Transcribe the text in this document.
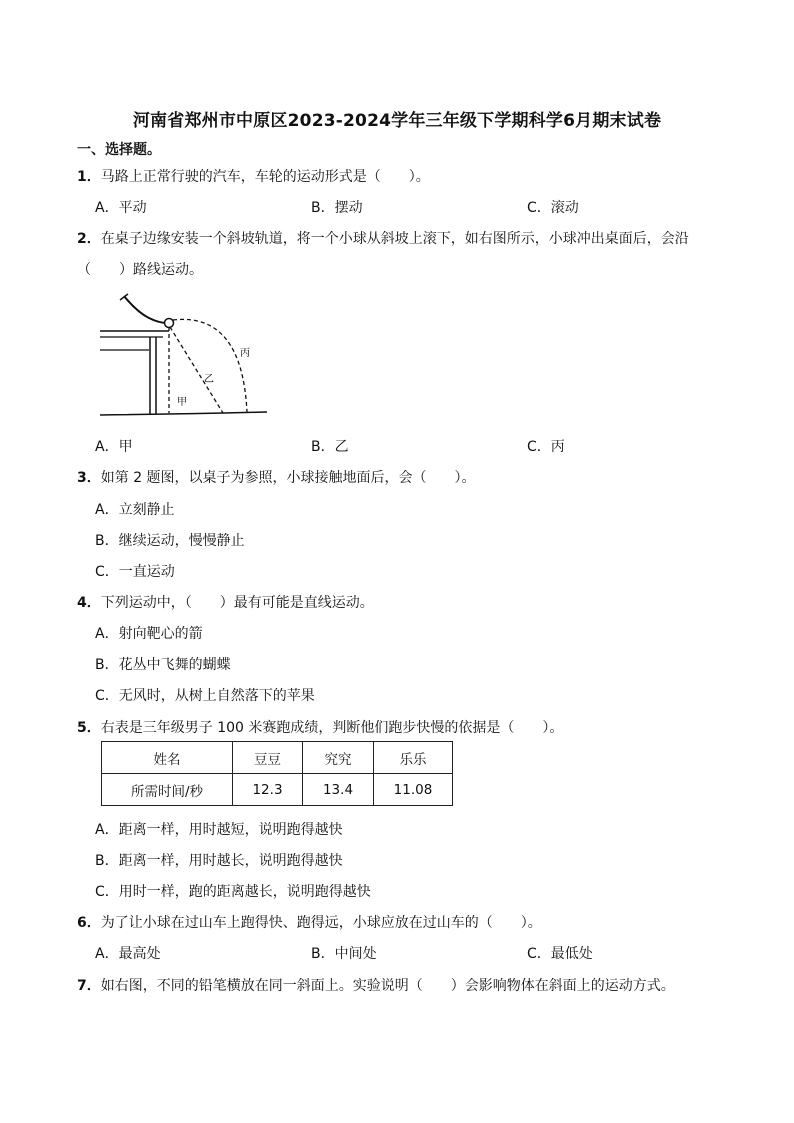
河南省郑州市中原区2023-2024学年三年级下学期科学6月期末试卷
一、选择题。
1．马路上正常行驶的汽车，车轮的运动形式是（　　）。
A．平动	B．摆动	C．滚动
2．在桌子边缘安装一个斜坡轨道，将一个小球从斜坡上滚下，如右图所示，小球冲出桌面后，会沿
（　　）路线运动。
丙
乙
甲
A．甲	B．乙	C．丙
3．如第 2 题图，以桌子为参照，小球接触地面后，会（　　）。
A．立刻静止
B．继续运动，慢慢静止
C．一直运动
4．下列运动中，（　　）最有可能是直线运动。
A．射向靶心的箭
B．花丛中飞舞的蝴蝶
C．无风时，从树上自然落下的苹果
5．右表是三年级男子 100 米赛跑成绩，判断他们跑步快慢的依据是（　　）。
姓名	豆豆	究究	乐乐
所需时间/秒	12.3	13.4	11.08
A．距离一样，用时越短，说明跑得越快
B．距离一样，用时越长，说明跑得越快
C．用时一样，跑的距离越长，说明跑得越快
6．为了让小球在过山车上跑得快、跑得远，小球应放在过山车的（　　）。
A．最高处	B．中间处	C．最低处
7．如右图，不同的铅笔横放在同一斜面上。实验说明（　　）会影响物体在斜面上的运动方式。
